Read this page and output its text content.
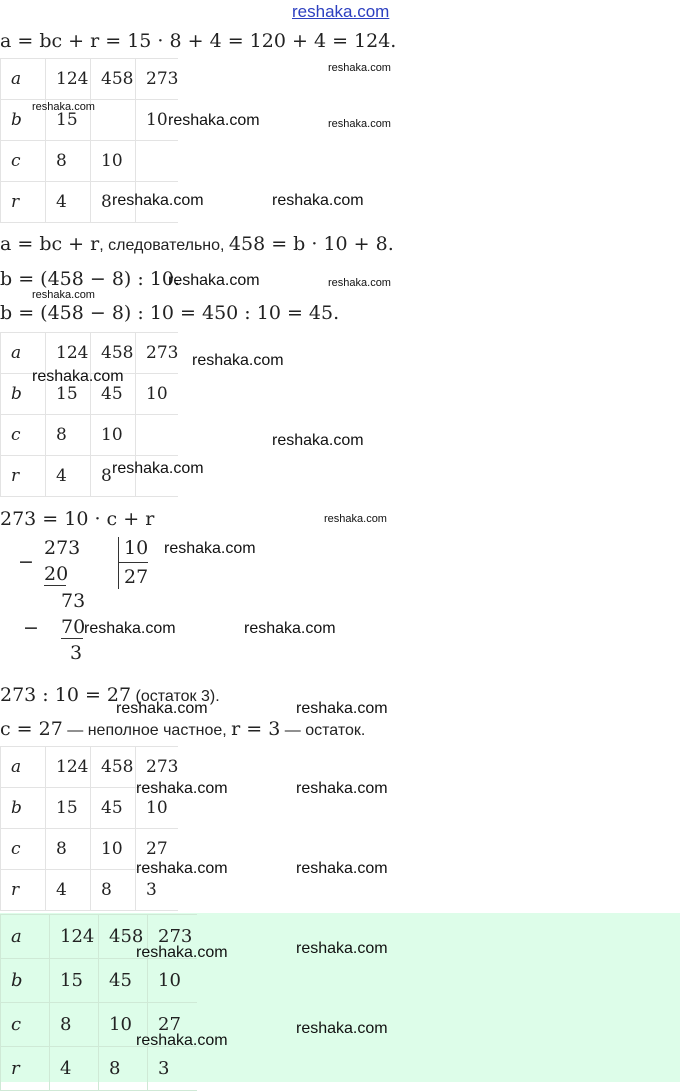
reshaka.com
a = bc + r = 15 · 8 + 4 = 120 + 4 = 124.
a	124	458	273
b	15		10
c	8	10	
r	4	8	
a = bc + r, следовательно, 458 = b · 10 + 8.
b = (458 − 8) : 10.
b = (458 − 8) : 10 = 450 : 10 = 45.
a	124	458	273
b	15	45	10
c	8	10	
r	4	8	
273 = 10 · c + r
−
273
20
73
− 70
3
10
27
273 : 10 = 27 (остаток 3).
c = 27 — неполное частное, r = 3 — остаток.
a	124	458	273
b	15	45	10
c	8	10	27
r	4	8	3
a	124	458	273
b	15	45	10
c	8	10	27
r	4	8	3
reshaka.com
reshaka.com
reshaka.com	reshaka.com
reshaka.com	reshaka.com
reshaka.com	reshaka.com
reshaka.com
reshaka.com
reshaka.com
reshaka.com
reshaka.com
reshaka.com
reshaka.com
reshaka.com	reshaka.com
reshaka.com	reshaka.com
reshaka.com	reshaka.com
reshaka.com	reshaka.com
reshaka.com	reshaka.com
reshaka.com
reshaka.com
